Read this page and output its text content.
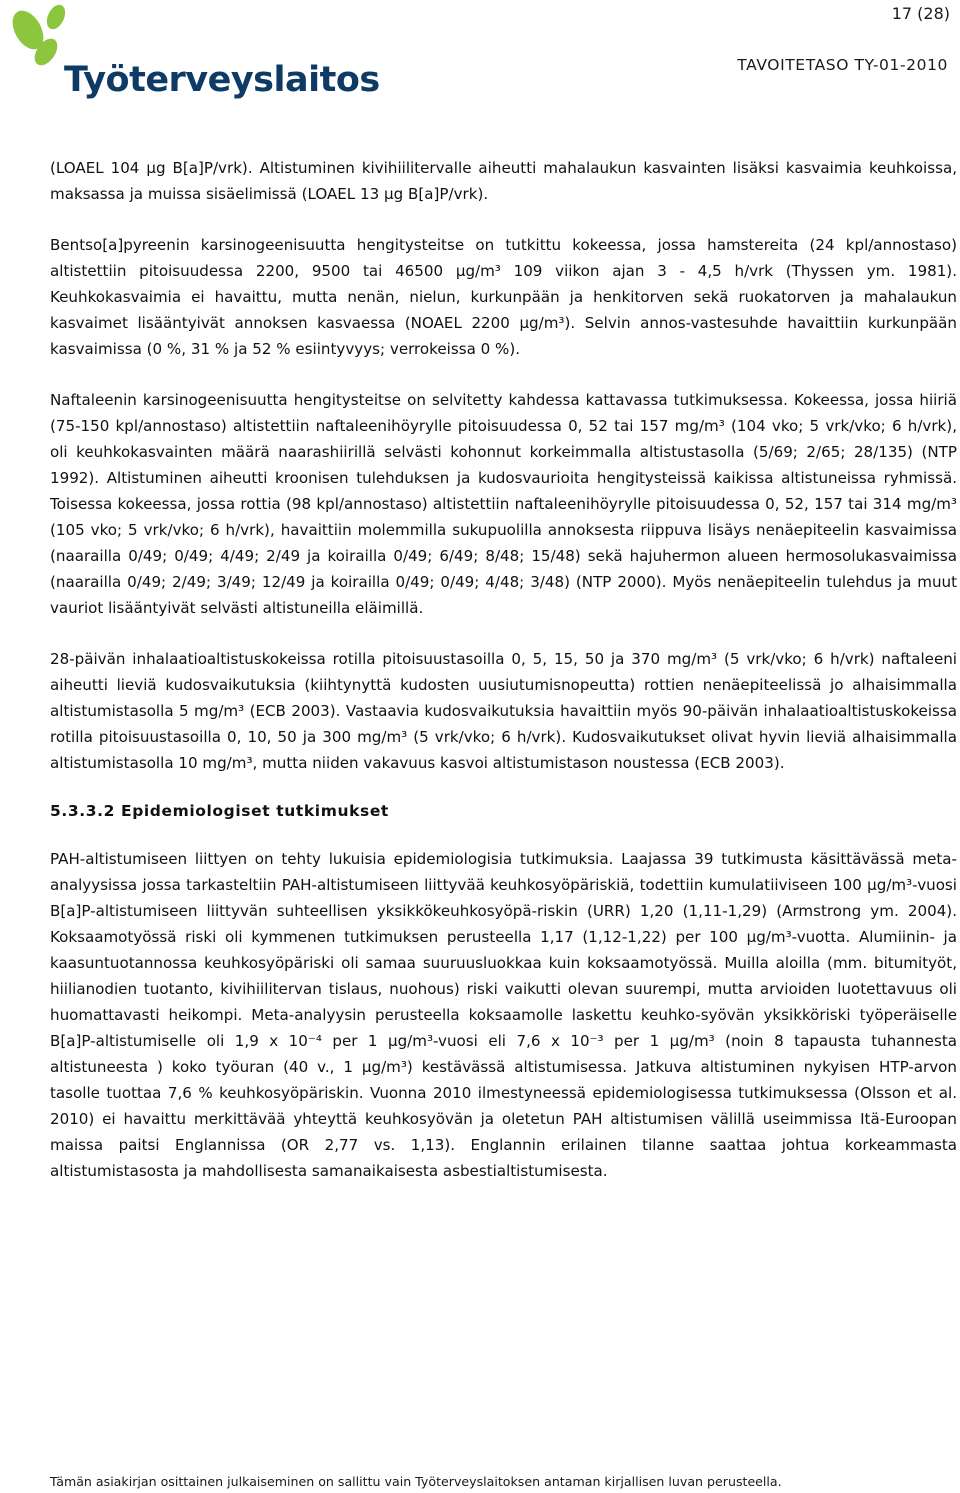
17 (28)
Työterveyslaitos	TAVOITETASO TY-01-2010

(LOAEL 104 µg B[a]P/vrk). Altistuminen kivihiilitervalle aiheutti mahalaukun kasvainten lisäksi kasvaimia keuhkoissa, maksassa ja muissa sisäelimissä (LOAEL 13 µg B[a]P/vrk).

Bentso[a]pyreenin karsinogeenisuutta hengitysteitse on tutkittu kokeessa, jossa hamstereita (24 kpl/annostaso) altistettiin pitoisuudessa 2200, 9500 tai 46500 µg/m³ 109 viikon ajan 3 - 4,5 h/vrk (Thyssen ym. 1981). Keuhkokasvaimia ei havaittu, mutta nenän, nielun, kurkunpään ja henkitorven sekä ruokatorven ja mahalaukun kasvaimet lisääntyivät annoksen kasvaessa (NOAEL 2200 µg/m³). Selvin annos-vastesuhde havaittiin kurkunpään kasvaimissa (0 %, 31 % ja 52 % esiintyvyys; verrokeissa 0 %).

Naftaleenin karsinogeenisuutta hengitysteitse on selvitetty kahdessa kattavassa tutkimuksessa. Kokeessa, jossa hiiriä (75-150 kpl/annostaso) altistettiin naftaleenihöyrylle pitoisuudessa 0, 52 tai 157 mg/m³ (104 vko; 5 vrk/vko; 6 h/vrk), oli keuhkokasvainten määrä naarashiirillä selvästi kohonnut korkeimmalla altistustasolla (5/69; 2/65; 28/135) (NTP 1992). Altistuminen aiheutti kroonisen tulehduksen ja kudosvaurioita hengitysteissä kaikissa altistuneissa ryhmissä. Toisessa kokeessa, jossa rottia (98 kpl/annostaso) altistettiin naftaleenihöyrylle pitoisuudessa 0, 52, 157 tai 314 mg/m³ (105 vko; 5 vrk/vko; 6 h/vrk), havaittiin molemmilla sukupuolilla annoksesta riippuva lisäys nenäepiteelin kasvaimissa (naarailla 0/49; 0/49; 4/49; 2/49 ja koirailla 0/49; 6/49; 8/48; 15/48) sekä hajuhermon alueen hermosolukasvaimissa (naarailla 0/49; 2/49; 3/49; 12/49 ja koirailla 0/49; 0/49; 4/48; 3/48) (NTP 2000). Myös nenäepiteelin tulehdus ja muut vauriot lisääntyivät selvästi altistuneilla eläimillä.

28-päivän inhalaatioaltistuskokeissa rotilla pitoisuustasoilla 0, 5, 15, 50 ja 370 mg/m³ (5 vrk/vko; 6 h/vrk) naftaleeni aiheutti lieviä kudosvaikutuksia (kiihtynyttä kudosten uusiutumisnopeutta) rottien nenäepiteelissä jo alhaisimmalla altistumistasolla 5 mg/m³ (ECB 2003). Vastaavia kudosvaikutuksia havaittiin myös 90-päivän inhalaatioaltistuskokeissa rotilla pitoisuustasoilla 0, 10, 50 ja 300 mg/m³ (5 vrk/vko; 6 h/vrk). Kudosvaikutukset olivat hyvin lieviä alhaisimmalla altistumistasolla 10 mg/m³, mutta niiden vakavuus kasvoi altistumistason noustessa (ECB 2003).

5.3.3.2 Epidemiologiset tutkimukset

PAH-altistumiseen liittyen on tehty lukuisia epidemiologisia tutkimuksia. Laajassa 39 tutkimusta käsittävässä meta-analyysissa jossa tarkasteltiin PAH-altistumiseen liittyvää keuhkosyöpäriskiä, todettiin kumulatiiviseen 100 µg/m³-vuosi B[a]P-altistumiseen liittyvän suhteellisen yksikkökeuhkosyöpä-riskin (URR) 1,20 (1,11-1,29) (Armstrong ym. 2004). Koksaamotyössä riski oli kymmenen tutkimuksen perusteella 1,17 (1,12-1,22) per 100 µg/m³-vuotta. Alumiinin- ja kaasuntuotannossa keuhkosyöpäriski oli samaa suuruusluokkaa kuin koksaamotyössä. Muilla aloilla (mm. bitumityöt, hiilianodien tuotanto, kivihiilitervan tislaus, nuohous) riski vaikutti olevan suurempi, mutta arvioiden luotettavuus oli huomattavasti heikompi. Meta-analyysin perusteella koksaamolle laskettu keuhko-syövän yksikköriski työperäiselle B[a]P-altistumiselle oli 1,9 x 10⁻⁴ per 1 µg/m³-vuosi eli 7,6 x 10⁻³ per 1 µg/m³ (noin 8 tapausta tuhannesta altistuneesta ) koko työuran (40 v., 1 µg/m³) kestävässä altistumisessa. Jatkuva altistuminen nykyisen HTP-arvon tasolle tuottaa 7,6 % keuhkosyöpäriskin. Vuonna 2010 ilmestyneessä epidemiologisessa tutkimuksessa (Olsson et al. 2010) ei havaittu merkittävää yhteyttä keuhkosyövän ja oletetun PAH altistumisen välillä useimmissa Itä-Euroopan maissa paitsi Englannissa (OR 2,77 vs. 1,13). Englannin erilainen tilanne saattaa johtua korkeammasta altistumistasosta ja mahdollisesta samanaikaisesta asbestialtistumisesta.

Tämän asiakirjan osittainen julkaiseminen on sallittu vain Työterveyslaitoksen antaman kirjallisen luvan perusteella.
